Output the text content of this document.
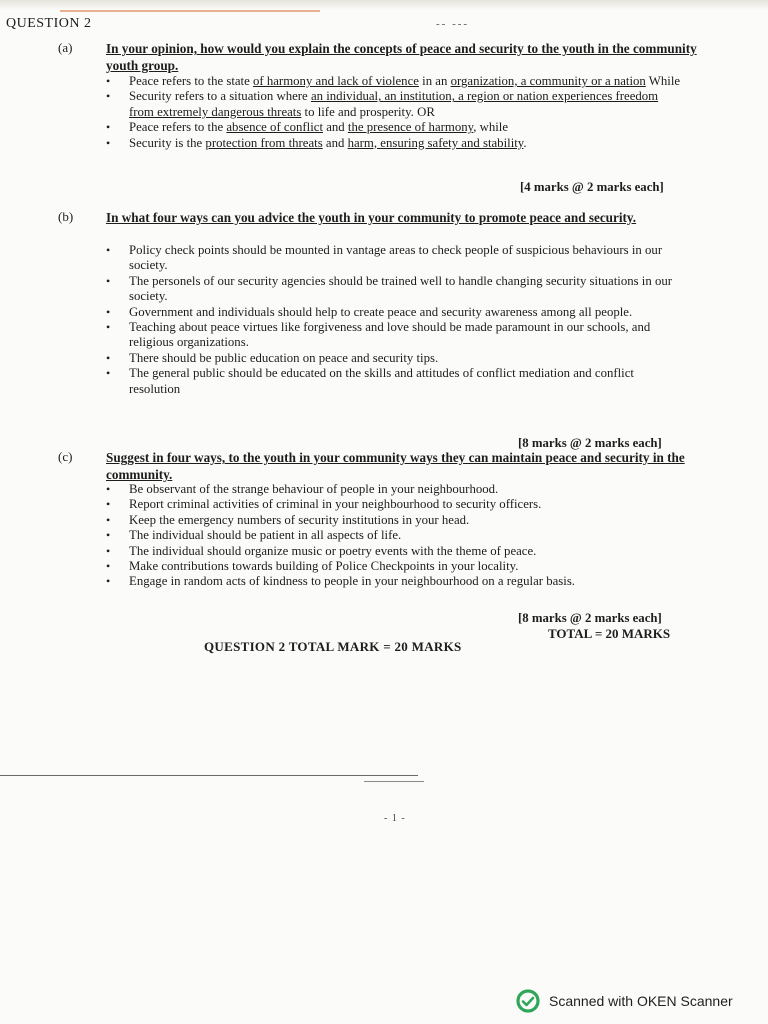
QUESTION 2	-- ---
(a)	In your opinion, how would you explain the concepts of peace and security to the youth in the community youth group.
• Peace refers to the state of harmony and lack of violence in an organization, a community or a nation While
• Security refers to a situation where an individual, an institution, a region or nation experiences freedom from extremely dangerous threats to life and prosperity. OR
• Peace refers to the absence of conflict and the presence of harmony, while
• Security is the protection from threats and harm, ensuring safety and stability.
[4 marks @ 2 marks each]
(b) In what four ways can you advice the youth in your community to promote peace and security.
• Policy check points should be mounted in vantage areas to check people of suspicious behaviours in our society.
• The personels of our security agencies should be trained well to handle changing security situations in our society.
• Government and individuals should help to create peace and security awareness among all people.
• Teaching about peace virtues like forgiveness and love should be made paramount in our schools, and religious organizations.
• There should be public education on peace and security tips.
• The general public should be educated on the skills and attitudes of conflict mediation and conflict resolution
[8 marks @ 2 marks each]
(c)	Suggest in four ways, to the youth in your community ways they can maintain peace and security in the community.
• Be observant of the strange behaviour of people in your neighbourhood.
• Report criminal activities of criminal in your neighbourhood to security officers.
• Keep the emergency numbers of security institutions in your head.
• The individual should be patient in all aspects of life.
• The individual should organize music or poetry events with the theme of peace.
• Make contributions towards building of Police Checkpoints in your locality.
• Engage in random acts of kindness to people in your neighbourhood on a regular basis.
[8 marks @ 2 marks each]
TOTAL = 20 MARKS
QUESTION 2 TOTAL MARK = 20 MARKS
- 1 -
Scanned with OKEN Scanner
